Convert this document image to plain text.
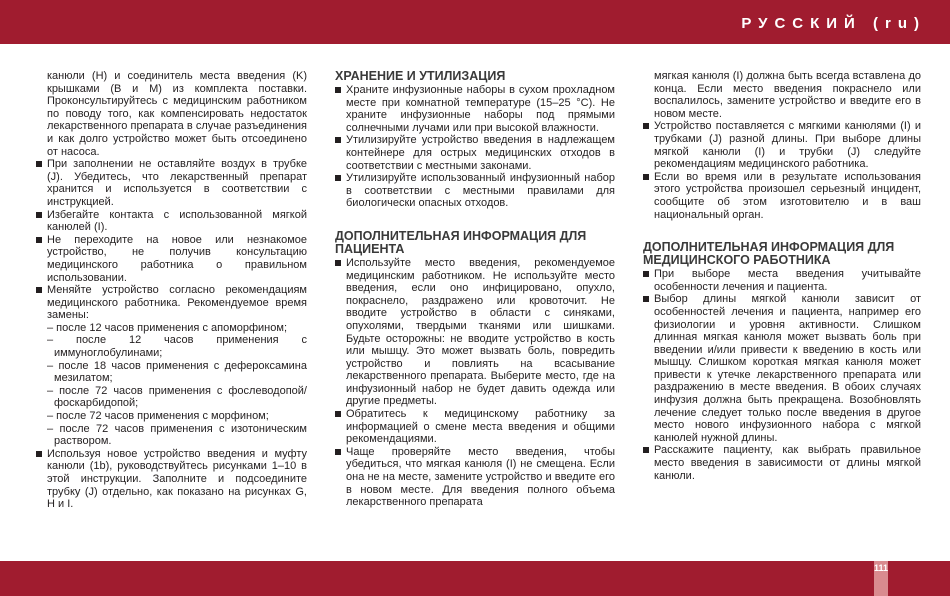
РУССКИЙ (ru)

канюли (H) и соединитель места введения (K) крышками (B и M) из комплекта поставки. Проконсультируйтесь с медицинским работником по поводу того, как компенсировать недостаток лекарственного препарата в случае разъединения и как долго устройство может быть отсоединено от насоса.

При заполнении не оставляйте воздух в трубке (J). Убедитесь, что лекарственный препарат хранится и используется в соответствии с инструкцией.
Избегайте контакта с использованной мягкой канюлей (I).
Не переходите на новое или незнакомое устройство, не получив консультацию медицинского работника о правильном использовании.
Меняйте устройство согласно рекомендациям медицинского работника. Рекомендуемое время замены:
– после 12 часов применения с апоморфином;
– после 12 часов применения с иммуноглобулинами;
– после 18 часов применения с дефероксамина мезилатом;
– после 72 часов применения с фослеводопой/фоскарбидопой;
– после 72 часов применения с морфином;
– после 72 часов применения с изотоническим раствором.
Используя новое устройство введения и муфту канюли (1b), руководствуйтесь рисунками 1–10 в этой инструкции. Заполните и подсоедините трубку (J) отдельно, как показано на рисунках G, H и I.
ХРАНЕНИЕ И УТИЛИЗАЦИЯ
Храните инфузионные наборы в сухом прохладном месте при комнатной температуре (15–25 °C). Не храните инфузионные наборы под прямыми солнечными лучами или при высокой влажности.
Утилизируйте устройство введения в надлежащем контейнере для острых медицинских отходов в соответствии с местными законами.
Утилизируйте использованный инфузионный набор в соответствии с местными правилами для биологически опасных отходов.
ДОПОЛНИТЕЛЬНАЯ ИНФОРМАЦИЯ ДЛЯ ПАЦИЕНТА
Используйте место введения, рекомендуемое медицинским работником. Не используйте место введения, если оно инфицировано, опухло, покраснело, раздражено или кровоточит. Не вводите устройство в области с синяками, опухолями, твердыми тканями или шишками. Будьте осторожны: не вводите устройство в кость или мышцу. Это может вызвать боль, повредить устройство и повлиять на всасывание лекарственного препарата. Выберите место, где на инфузионный набор не будет давить одежда или другие предметы.
Обратитесь к медицинскому работнику за информацией о смене места введения и общими рекомендациями.
Чаще проверяйте место введения, чтобы убедиться, что мягкая канюля (I) не смещена. Если она не на месте, замените устройство и введите его в новом месте. Для введения полного объема лекарственного препарата

мягкая канюля (I) должна быть всегда вставлена до конца. Если место введения покраснело или воспалилось, замените устройство и введите его в новом месте.

Устройство поставляется с мягкими канюлями (I) и трубками (J) разной длины. При выборе длины мягкой канюли (I) и трубки (J) следуйте рекомендациям медицинского работника.
Если во время или в результате использования этого устройства произошел серьезный инцидент, сообщите об этом изготовителю и в ваш национальный орган.
ДОПОЛНИТЕЛЬНАЯ ИНФОРМАЦИЯ ДЛЯ МЕДИЦИНСКОГО РАБОТНИКА
При выборе места введения учитывайте особенности лечения и пациента.
Выбор длины мягкой канюли зависит от особенностей лечения и пациента, например его физиологии и уровня активности. Слишком длинная мягкая канюля может вызвать боль при введении и/или привести к введению в кость или мышцу. Слишком короткая мягкая канюля может привести к утечке лекарственного препарата или раздражению в месте введения. В обоих случаях инфузия должна быть прекращена. Возобновлять лечение следует только после введения в другое место нового инфузионного набора с мягкой канюлей нужной длины.
Расскажите пациенту, как выбрать правильное место введения в зависимости от длины мягкой канюли.
111
